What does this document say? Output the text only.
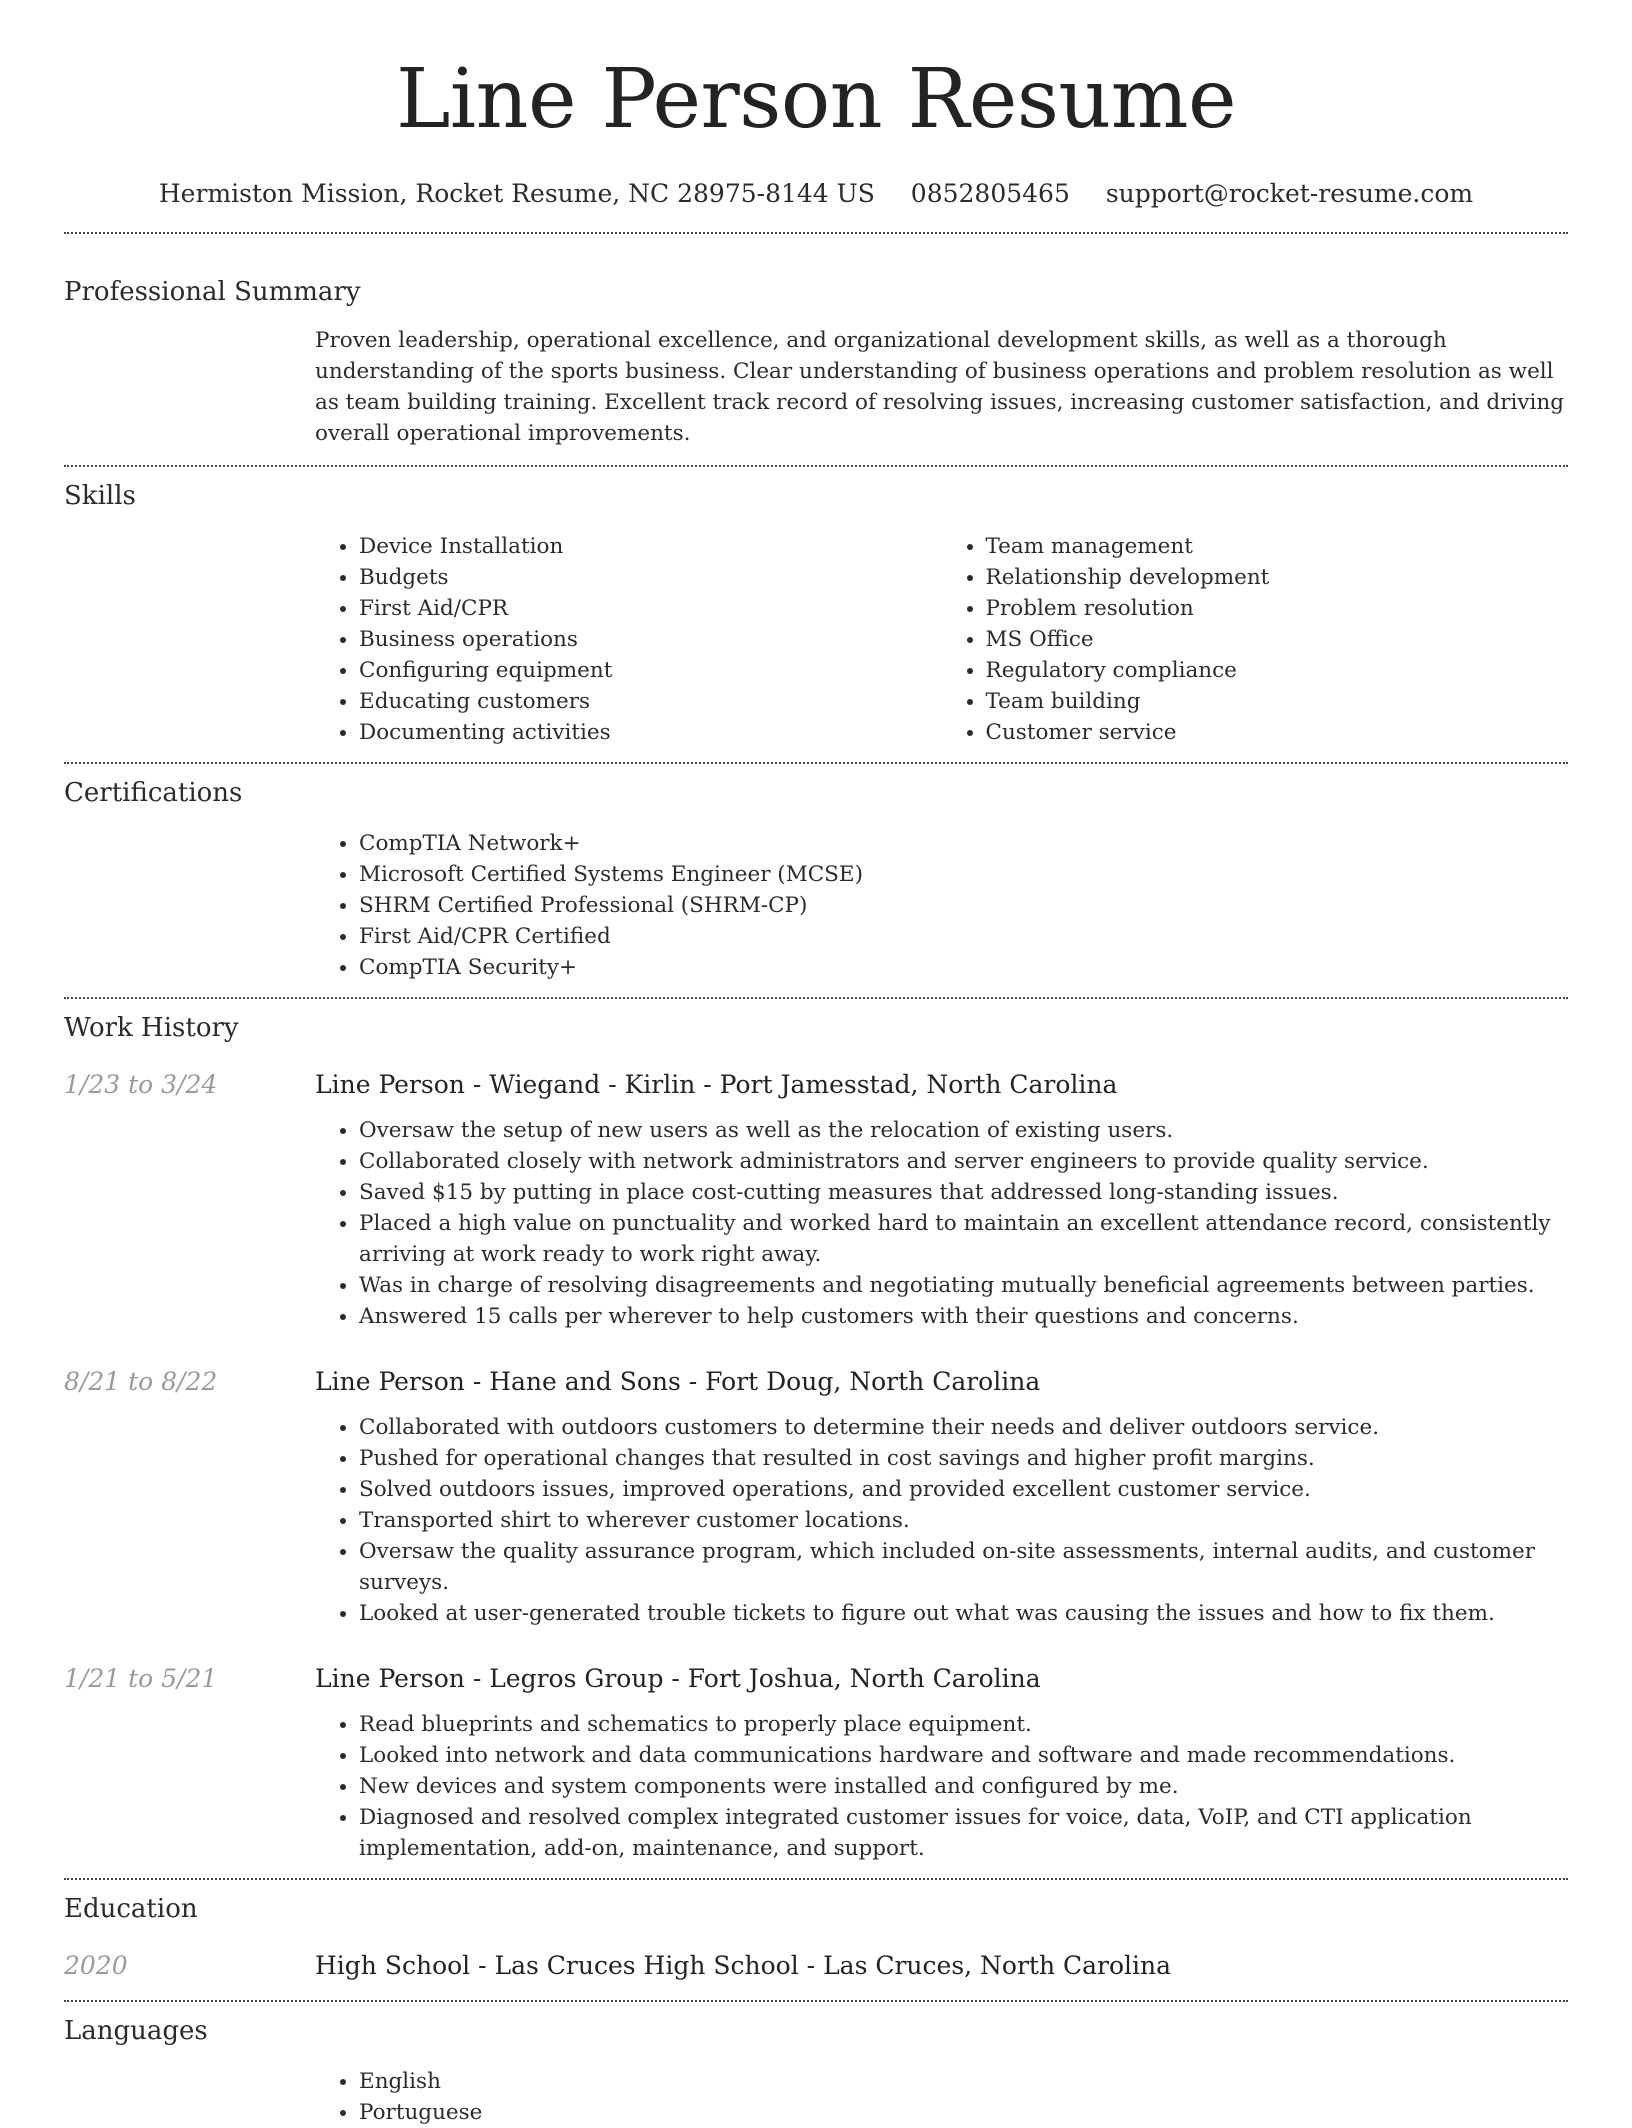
Line Person Resume
Hermiston Mission, Rocket Resume, NC 28975-8144 US 0852805465 support@rocket-resume.com
Professional Summary
Proven leadership, operational excellence, and organizational development skills, as well as a thorough understanding of the sports business. Clear understanding of business operations and problem resolution as well as team building training. Excellent track record of resolving issues, increasing customer satisfaction, and driving overall operational improvements.
Skills
• Device Installation
• Budgets
• First Aid/CPR
• Business operations
• Configuring equipment
• Educating customers
• Documenting activities
• Team management
• Relationship development
• Problem resolution
• MS Office
• Regulatory compliance
• Team building
• Customer service
Certifications
• CompTIA Network+
• Microsoft Certified Systems Engineer (MCSE)
• SHRM Certified Professional (SHRM-CP)
• First Aid/CPR Certified
• CompTIA Security+
Work History
1/23 to 3/24	Line Person - Wiegand - Kirlin - Port Jamesstad, North Carolina
• Oversaw the setup of new users as well as the relocation of existing users.
• Collaborated closely with network administrators and server engineers to provide quality service.
• Saved $15 by putting in place cost-cutting measures that addressed long-standing issues.
• Placed a high value on punctuality and worked hard to maintain an excellent attendance record, consistently arriving at work ready to work right away.
• Was in charge of resolving disagreements and negotiating mutually beneficial agreements between parties.
• Answered 15 calls per wherever to help customers with their questions and concerns.
8/21 to 8/22	Line Person - Hane and Sons - Fort Doug, North Carolina
• Collaborated with outdoors customers to determine their needs and deliver outdoors service.
• Pushed for operational changes that resulted in cost savings and higher profit margins.
• Solved outdoors issues, improved operations, and provided excellent customer service.
• Transported shirt to wherever customer locations.
• Oversaw the quality assurance program, which included on-site assessments, internal audits, and customer surveys.
• Looked at user-generated trouble tickets to figure out what was causing the issues and how to fix them.
1/21 to 5/21	Line Person - Legros Group - Fort Joshua, North Carolina
• Read blueprints and schematics to properly place equipment.
• Looked into network and data communications hardware and software and made recommendations.
• New devices and system components were installed and configured by me.
• Diagnosed and resolved complex integrated customer issues for voice, data, VoIP, and CTI application implementation, add-on, maintenance, and support.
Education
2020	High School - Las Cruces High School - Las Cruces, North Carolina
Languages
• English
• Portuguese
